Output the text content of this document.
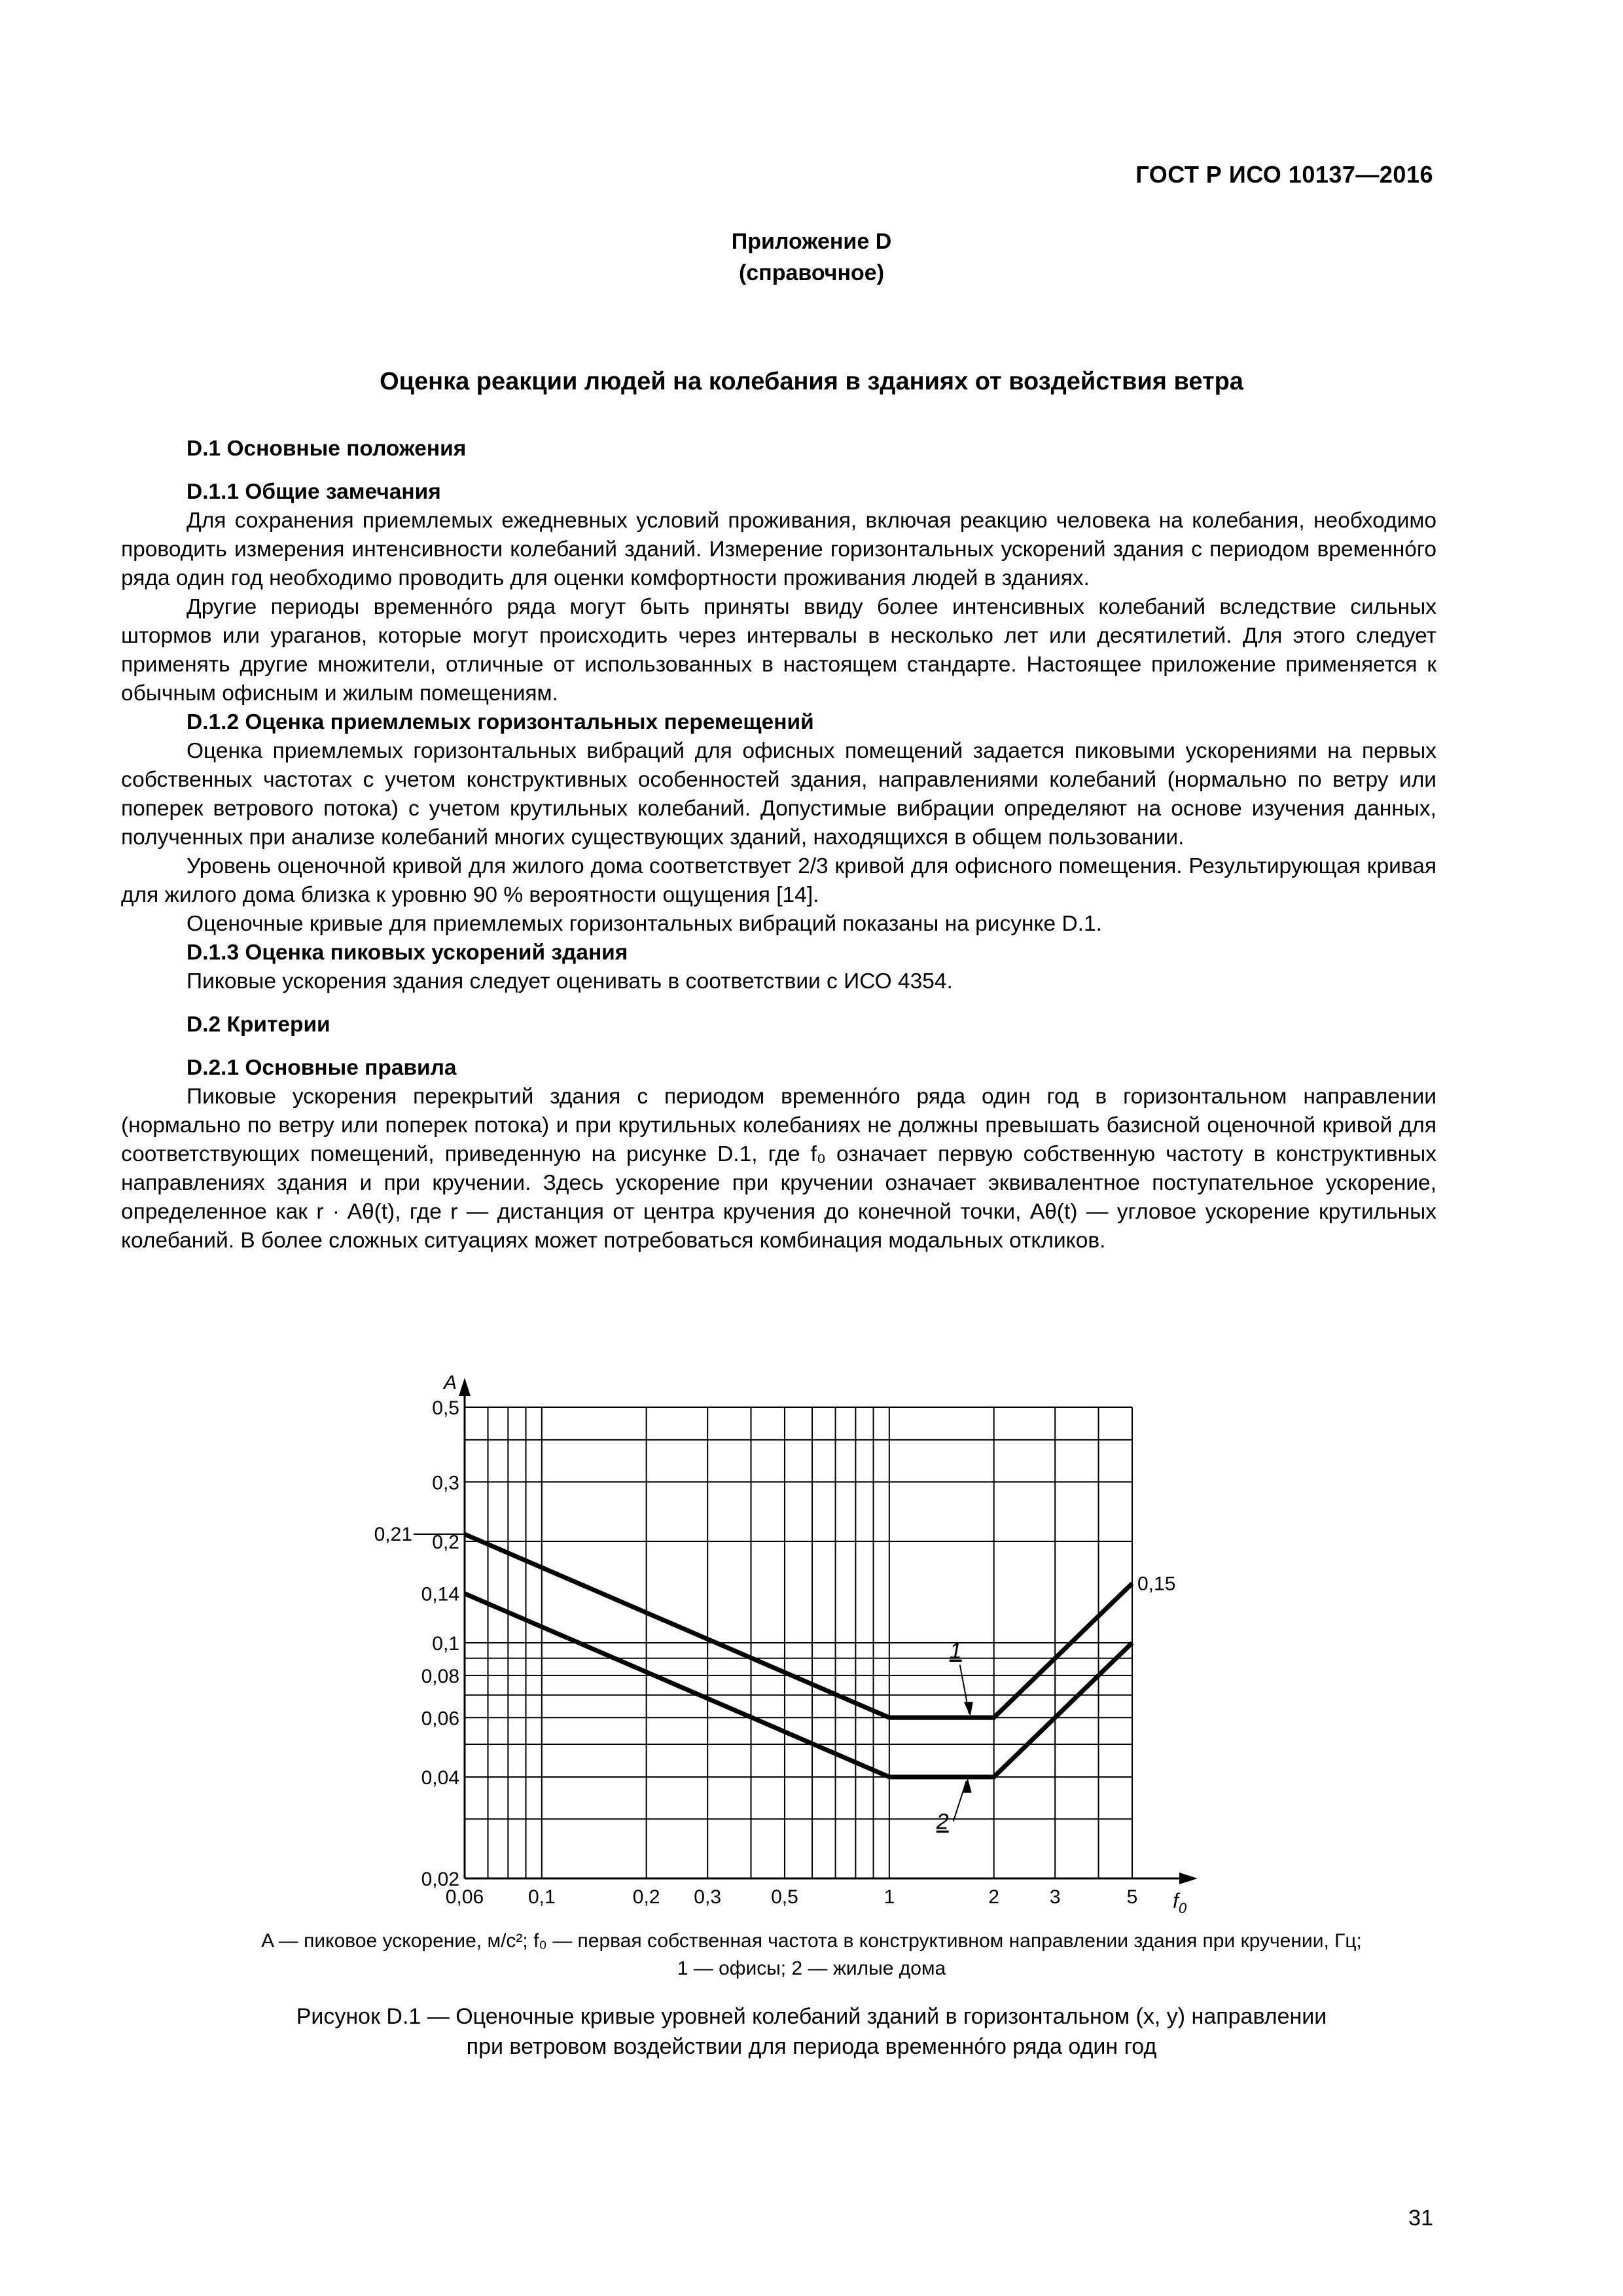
ГОСТ Р ИСО 10137—2016
Приложение D
(справочное)
Оценка реакции людей на колебания в зданиях от воздействия ветра
D.1 Основные положения
D.1.1 Общие замечания

Для сохранения приемлемых ежедневных условий проживания, включая реакцию человека на колебания, необходимо проводить измерения интенсивности колебаний зданий. Измерение горизонтальных ускорений здания с периодом временно́го ряда один год необходимо проводить для оценки комфортности проживания людей в зданиях.

Другие периоды временно́го ряда могут быть приняты ввиду более интенсивных колебаний вследствие сильных штормов или ураганов, которые могут происходить через интервалы в несколько лет или десятилетий. Для этого следует применять другие множители, отличные от использованных в настоящем стандарте. Настоящее приложение применяется к обычным офисным и жилым помещениям.

D.1.2 Оценка приемлемых горизонтальных перемещений

Оценка приемлемых горизонтальных вибраций для офисных помещений задается пиковыми ускорениями на первых собственных частотах с учетом конструктивных особенностей здания, направлениями колебаний (нормально по ветру или поперек ветрового потока) с учетом крутильных колебаний. Допустимые вибрации определяют на основе изучения данных, полученных при анализе колебаний многих существующих зданий, находящихся в общем пользовании.

Уровень оценочной кривой для жилого дома соответствует 2/3 кривой для офисного помещения. Результирующая кривая для жилого дома близка к уровню 90 % вероятности ощущения [14].

Оценочные кривые для приемлемых горизонтальных вибраций показаны на рисунке D.1.

D.1.3 Оценка пиковых ускорений здания

Пиковые ускорения здания следует оценивать в соответствии с ИСО 4354.

D.2 Критерии
D.2.1 Основные правила

Пиковые ускорения перекрытий здания с периодом временно́го ряда один год в горизонтальном направлении (нормально по ветру или поперек потока) и при крутильных колебаниях не должны превышать базисной оценочной кривой для соответствующих помещений, приведенную на рисунке D.1, где f₀ означает первую собственную частоту в конструктивных направлениях здания и при кручении. Здесь ускорение при кручении означает эквивалентное поступательное ускорение, определенное как r · Aθ(t), где r — дистанция от центра кручения до конечной точки, Aθ(t) — угловое ускорение крутильных колебаний. В более сложных ситуациях может потребоваться комбинация модальных откликов.

0,5
0,3
0,2
0,1
0,08
0,06
0,04
0,02
0,06 0,1	0,2 0,3	0,5	1	2	3	5
A
$f_0$
0,21
0,14	0,15
1
2
A — пиковое ускорение, м/с²; f₀ — первая собственная частота в конструктивном направлении здания при кручении, Гц;
1 — офисы; 2 — жилые дома
Рисунок D.1 — Оценочные кривые уровней колебаний зданий в горизонтальном (x, y) направлении
при ветровом воздействии для периода временно́го ряда один год
31
